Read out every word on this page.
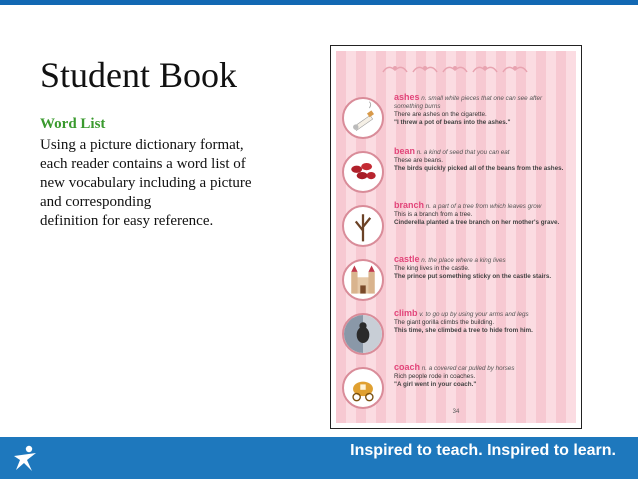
Student Book
Word List
Using a picture dictionary format,
each reader contains a word list of
new vocabulary including a picture
and corresponding
definition for easy reference.
ashes n. small white pieces that one can see after something burns
There are ashes on the cigarette.
"I threw a pot of beans into the ashes."
bean n. a kind of seed that you can eat
These are beans.
The birds quickly picked all of the beans from the ashes.
branch n. a part of a tree from which leaves grow
This is a branch from a tree.
Cinderella planted a tree branch on her mother's grave.
castle n. the place where a king lives
The king lives in the castle.
The prince put something sticky on the castle stairs.
climb v. to go up by using your arms and legs
The giant gorilla climbs the building.
This time, she climbed a tree to hide from him.
coach n. a covered car pulled by horses
Rich people rode in coaches.
"A girl went in your coach."
34
Inspired to teach. Inspired to learn.
